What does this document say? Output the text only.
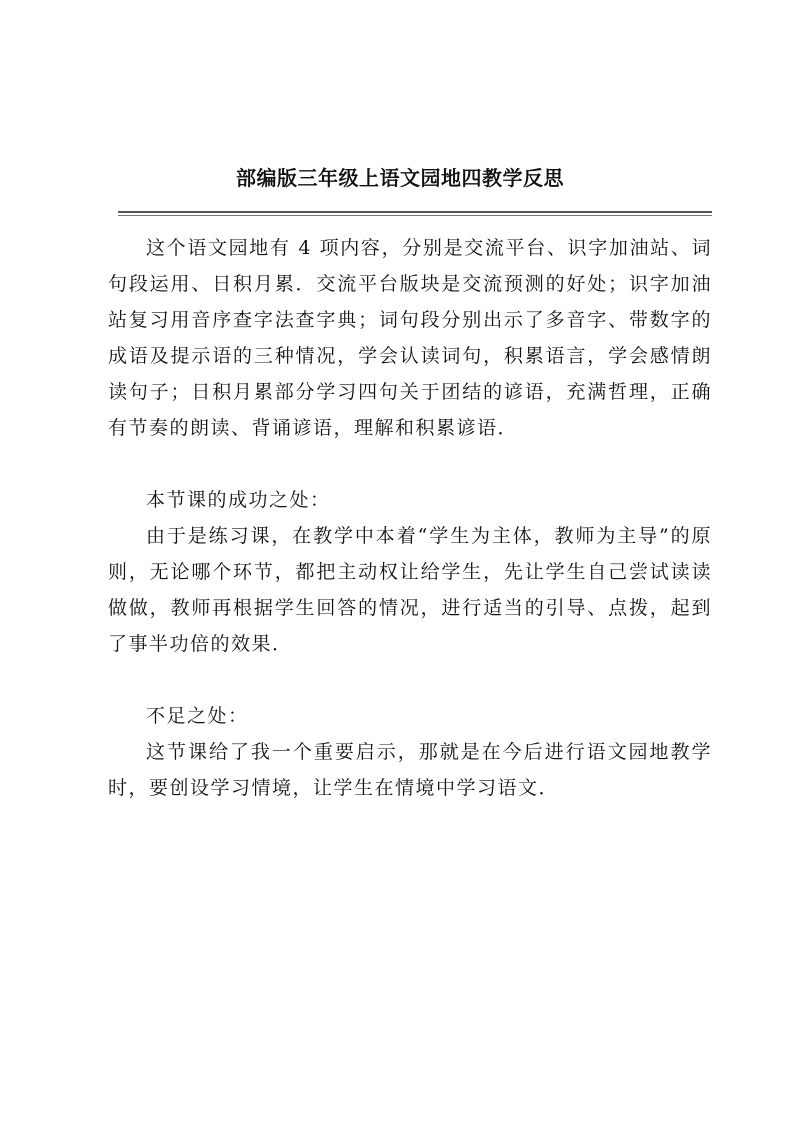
部编版三年级上语文园地四教学反思

这个语文园地有 4 项内容，分别是交流平台、识字加油站、词句段运用、日积月累．交流平台版块是交流预测的好处；识字加油站复习用音序查字法查字典；词句段分别出示了多音字、带数字的成语及提示语的三种情况，学会认读词句，积累语言，学会感情朗读句子；日积月累部分学习四句关于团结的谚语，充满哲理，正确有节奏的朗读、背诵谚语，理解和积累谚语．

本节课的成功之处：

由于是练习课，在教学中本着“学生为主体，教师为主导”的原则，无论哪个环节，都把主动权让给学生，先让学生自己尝试读读做做，教师再根据学生回答的情况，进行适当的引导、点拨，起到了事半功倍的效果．

不足之处：

这节课给了我一个重要启示，那就是在今后进行语文园地教学时，要创设学习情境，让学生在情境中学习语文．
